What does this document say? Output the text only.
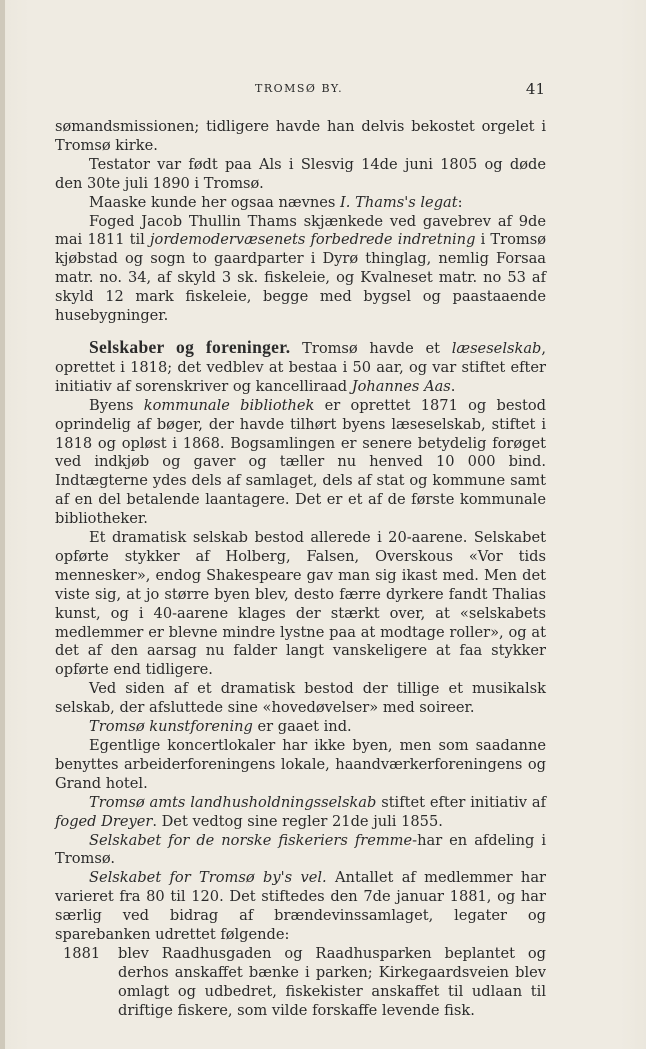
TROMSØ BY.	41

sømandsmissionen; tidligere havde han delvis bekostet orgelet i Tromsø kirke.

Testator var født paa Als i Slesvig 14de juni 1805 og døde den 30te juli 1890 i Tromsø.

Maaske kunde her ogsaa nævnes I. Thams's legat:

Foged Jacob Thullin Thams skjænkede ved gavebrev af 9de mai 1811 til jordemodervæsenets forbedrede indretning i Tromsø kjøbstad og sogn to gaardparter i Dyrø thinglag, nemlig Forsaa matr. no. 34, af skyld 3 sk. fiskeleie, og Kvalneset matr. no 53 af skyld 12 mark fiskeleie, begge med bygsel og paastaaende husebygninger.

Selskaber og foreninger. Tromsø havde et læseselskab, oprettet i 1818; det vedblev at bestaa i 50 aar, og var stiftet efter initiativ af sorenskriver og kancelliraad Johannes Aas.

Byens kommunale bibliothek er oprettet 1871 og bestod oprindelig af bøger, der havde tilhørt byens læseselskab, stiftet i 1818 og opløst i 1868. Bogsamlingen er senere betydelig forøget ved indkjøb og gaver og tæller nu henved 10 000 bind. Indtægterne ydes dels af samlaget, dels af stat og kommune samt af en del betalende laantagere. Det er et af de første kommunale bibliotheker.

Et dramatisk selskab bestod allerede i 20-aarene. Selskabet opførte stykker af Holberg, Falsen, Overskous «Vor tids mennesker», endog Shakespeare gav man sig ikast med. Men det viste sig, at jo større byen blev, desto færre dyrkere fandt Thalias kunst, og i 40-aarene klages der stærkt over, at «selskabets medlemmer er blevne mindre lystne paa at modtage roller», og at det af den aarsag nu falder langt vanskeligere at faa stykker opførte end tidligere.

Ved siden af et dramatisk bestod der tillige et musikalsk selskab, der afsluttede sine «hovedøvelser» med soireer.

Tromsø kunstforening er gaaet ind.

Egentlige koncertlokaler har ikke byen, men som saadanne benyttes arbeiderforeningens lokale, haandværkerforeningens og Grand hotel.

Tromsø amts landhusholdningsselskab stiftet efter initiativ af foged Dreyer. Det vedtog sine regler 21de juli 1855.

Selskabet for de norske fiskeriers fremme-har en afdeling i Tromsø.

Selskabet for Tromsø by's vel. Antallet af medlemmer har varieret fra 80 til 120. Det stiftedes den 7de januar 1881, og har særlig ved bidrag af brændevinssamlaget, legater og sparebanken udrettet følgende:

1881 blev Raadhusgaden og Raadhusparken beplantet og derhos anskaffet bænke i parken; Kirkegaardsveien blev omlagt og udbedret, fiskekister anskaffet til udlaan til driftige fiskere, som vilde forskaffe levende fisk.
